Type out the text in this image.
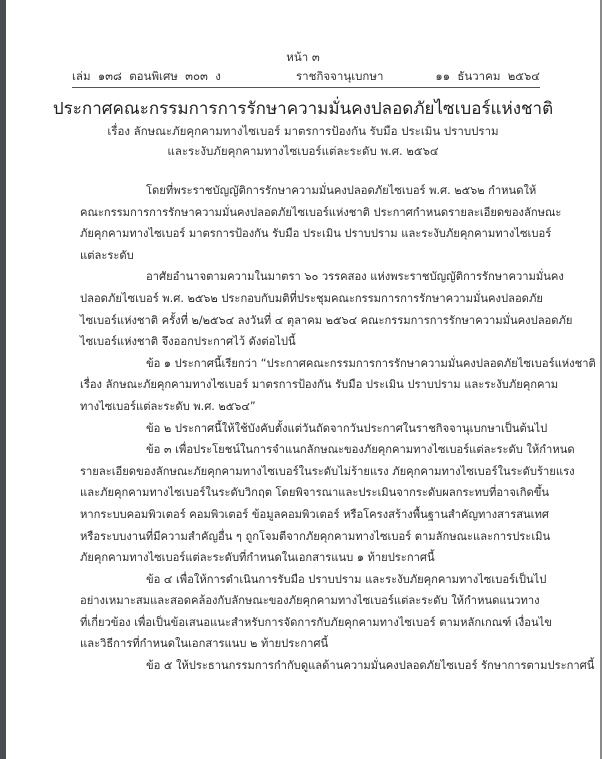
หน้า ๓
เล่ม  ๑๓๘  ตอนพิเศษ  ๓๐๓  ง	ราชกิจจานุเบกษา	๑๑  ธันวาคม  ๒๕๖๔
ประกาศคณะกรรมการการรักษาความมั่นคงปลอดภัยไซเบอร์แห่งชาติ
เรื่อง ลักษณะภัยคุกคามทางไซเบอร์ มาตรการป้องกัน รับมือ ประเมิน ปราบปราม
และระงับภัยคุกคามทางไซเบอร์แต่ละระดับ พ.ศ. ๒๕๖๔
โดยที่พระราชบัญญัติการรักษาความมั่นคงปลอดภัยไซเบอร์ พ.ศ. ๒๕๖๒ กำหนดให้
คณะกรรมการการรักษาความมั่นคงปลอดภัยไซเบอร์แห่งชาติ ประกาศกำหนดรายละเอียดของลักษณะ
ภัยคุกคามทางไซเบอร์ มาตรการป้องกัน รับมือ ประเมิน ปราบปราม และระงับภัยคุกคามทางไซเบอร์
แต่ละระดับ
อาศัยอำนาจตามความในมาตรา ๖๐ วรรคสอง แห่งพระราชบัญญัติการรักษาความมั่นคง
ปลอดภัยไซเบอร์ พ.ศ. ๒๕๖๒ ประกอบกับมติที่ประชุมคณะกรรมการการรักษาความมั่นคงปลอดภัย
ไซเบอร์แห่งชาติ ครั้งที่ ๒/๒๕๖๔ ลงวันที่ ๔ ตุลาคม ๒๕๖๔ คณะกรรมการการรักษาความมั่นคงปลอดภัย
ไซเบอร์แห่งชาติ จึงออกประกาศไว้ ดังต่อไปนี้
ข้อ ๑ ประกาศนี้เรียกว่า “ประกาศคณะกรรมการการรักษาความมั่นคงปลอดภัยไซเบอร์แห่งชาติ
เรื่อง ลักษณะภัยคุกคามทางไซเบอร์ มาตรการป้องกัน รับมือ ประเมิน ปราบปราม และระงับภัยคุกคาม
ทางไซเบอร์แต่ละระดับ พ.ศ. ๒๕๖๔”
ข้อ ๒ ประกาศนี้ให้ใช้บังคับตั้งแต่วันถัดจากวันประกาศในราชกิจจานุเบกษาเป็นต้นไป
ข้อ ๓ เพื่อประโยชน์ในการจำแนกลักษณะของภัยคุกคามทางไซเบอร์แต่ละระดับ ให้กำหนด
รายละเอียดของลักษณะภัยคุกคามทางไซเบอร์ในระดับไม่ร้ายแรง ภัยคุกคามทางไซเบอร์ในระดับร้ายแรง
และภัยคุกคามทางไซเบอร์ในระดับวิกฤต โดยพิจารณาและประเมินจากระดับผลกระทบที่อาจเกิดขึ้น
หากระบบคอมพิวเตอร์ คอมพิวเตอร์ ข้อมูลคอมพิวเตอร์ หรือโครงสร้างพื้นฐานสำคัญทางสารสนเทศ
หรือระบบงานที่มีความสำคัญอื่น ๆ ถูกโจมตีจากภัยคุกคามทางไซเบอร์ ตามลักษณะและการประเมิน
ภัยคุกคามทางไซเบอร์แต่ละระดับที่กำหนดในเอกสารแนบ ๑ ท้ายประกาศนี้
ข้อ ๔ เพื่อให้การดำเนินการรับมือ ปราบปราม และระงับภัยคุกคามทางไซเบอร์เป็นไป
อย่างเหมาะสมและสอดคล้องกับลักษณะของภัยคุกคามทางไซเบอร์แต่ละระดับ ให้กำหนดแนวทาง
ที่เกี่ยวข้อง เพื่อเป็นข้อเสนอแนะสำหรับการจัดการกับภัยคุกคามทางไซเบอร์ ตามหลักเกณฑ์ เงื่อนไข
และวิธีการที่กำหนดในเอกสารแนบ ๒ ท้ายประกาศนี้
ข้อ ๕ ให้ประธานกรรมการกำกับดูแลด้านความมั่นคงปลอดภัยไซเบอร์ รักษาการตามประกาศนี้
